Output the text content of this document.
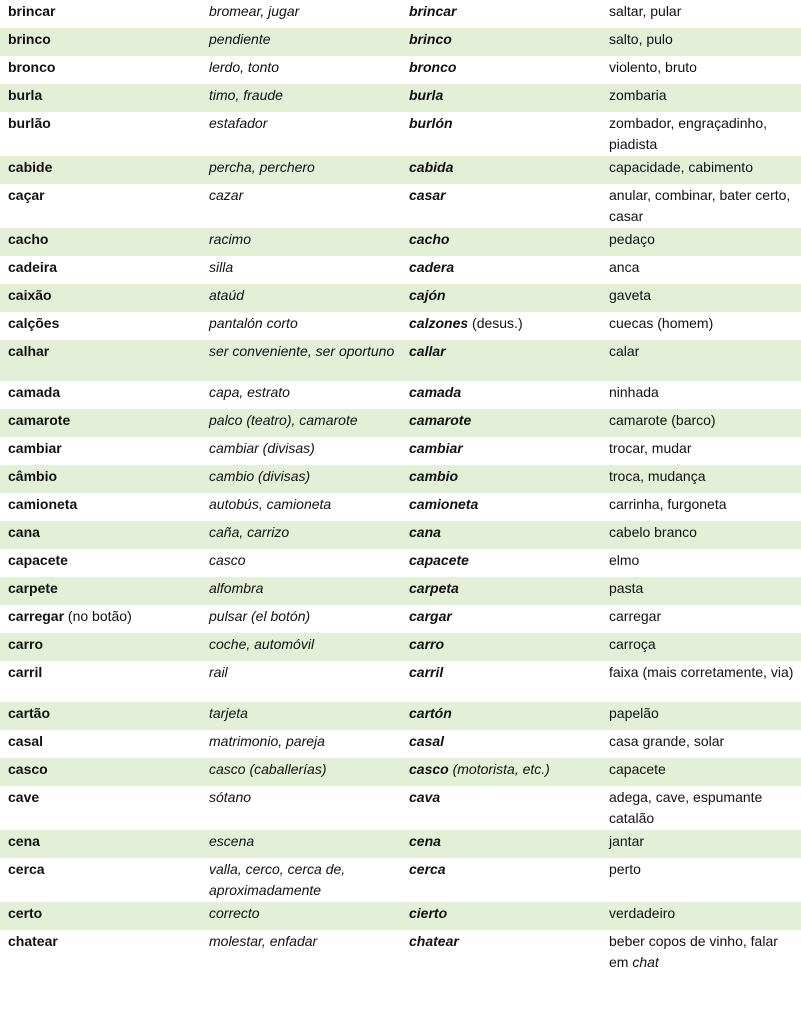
brincar	bromear, jugar	brincar	saltar, pular
brinco	pendiente	brinco	salto, pulo
bronco	lerdo, tonto	bronco	violento, bruto
burla	timo, fraude	burla	zombaria
burlão	estafador	burlón	zombador, engraçadinho, piadista
cabide	percha, perchero	cabida	capacidade, cabimento
caçar	cazar	casar	anular, combinar, bater certo, casar
cacho	racimo	cacho	pedaço
cadeira	silla	cadera	anca
caixão	ataúd	cajón	gaveta
calções	pantalón corto	calzones (desus.)	cuecas (homem)
calhar	ser conveniente, ser oportuno	callar	calar
camada	capa, estrato	camada	ninhada
camarote	palco (teatro), camarote	camarote	camarote (barco)
cambiar	cambiar (divisas)	cambiar	trocar, mudar
câmbio	cambio (divisas)	cambio	troca, mudança
camioneta	autobús, camioneta	camioneta	carrinha, furgoneta
cana	caña, carrizo	cana	cabelo branco
capacete	casco	capacete	elmo
carpete	alfombra	carpeta	pasta
carregar (no botão)	pulsar (el botón)	cargar	carregar
carro	coche, automóvil	carro	carroça
carril	rail	carril	faixa (mais corretamente, via)
cartão	tarjeta	cartón	papelão
casal	matrimonio, pareja	casal	casa grande, solar
casco	casco (caballerías)	casco (motorista, etc.)	capacete
cave	sótano	cava	adega, cave, espumante catalão
cena	escena	cena	jantar
cerca	valla, cerco, cerca de, aproximadamente	cerca	perto
certo	correcto	cierto	verdadeiro
chatear	molestar, enfadar	chatear	beber copos de vinho, falar em chat
